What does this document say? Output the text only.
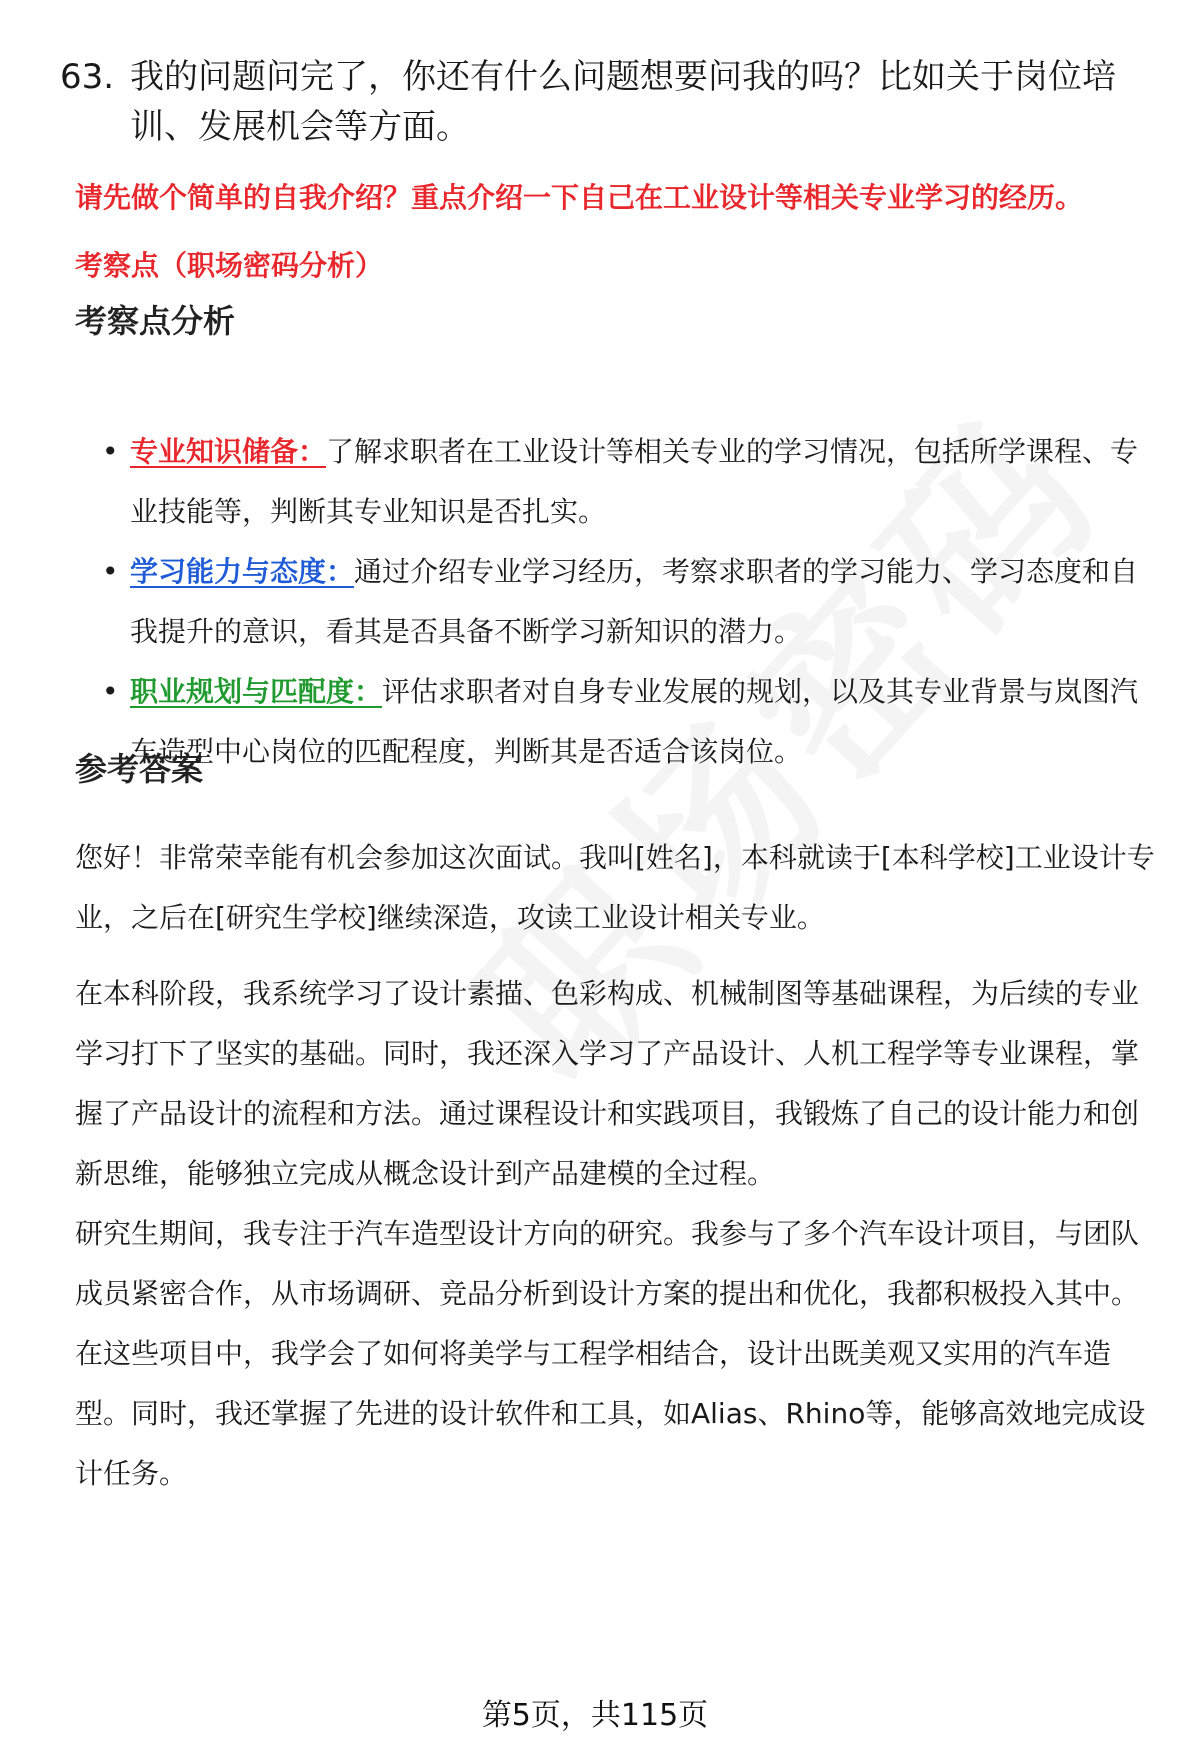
63. 我的问题问完了，你还有什么问题想要问我的吗？比如关于岗位培训、发展机会等方面。
请先做个简单的自我介绍？重点介绍一下自己在工业设计等相关专业学习的经历。
考察点（职场密码分析）
考察点分析
• 专业知识储备：了解求职者在工业设计等相关专业的学习情况，包括所学课程、专业技能等，判断其专业知识是否扎实。
• 学习能力与态度：通过介绍专业学习经历，考察求职者的学习能力、学习态度和自我提升的意识，看其是否具备不断学习新知识的潜力。
• 职业规划与匹配度：评估求职者对自身专业发展的规划，以及其专业背景与岚图汽车造型中心岗位的匹配程度，判断其是否适合该岗位。
参考答案

您好！非常荣幸能有机会参加这次面试。我叫[姓名]，本科就读于[本科学校]工业设计专业，之后在[研究生学校]继续深造，攻读工业设计相关专业。

在本科阶段，我系统学习了设计素描、色彩构成、机械制图等基础课程，为后续的专业学习打下了坚实的基础。同时，我还深入学习了产品设计、人机工程学等专业课程，掌握了产品设计的流程和方法。通过课程设计和实践项目，我锻炼了自己的设计能力和创新思维，能够独立完成从概念设计到产品建模的全过程。

研究生期间，我专注于汽车造型设计方向的研究。我参与了多个汽车设计项目，与团队成员紧密合作，从市场调研、竞品分析到设计方案的提出和优化，我都积极投入其中。在这些项目中，我学会了如何将美学与工程学相结合，设计出既美观又实用的汽车造型。同时，我还掌握了先进的设计软件和工具，如Alias、Rhino等，能够高效地完成设计任务。

第5页，共115页
